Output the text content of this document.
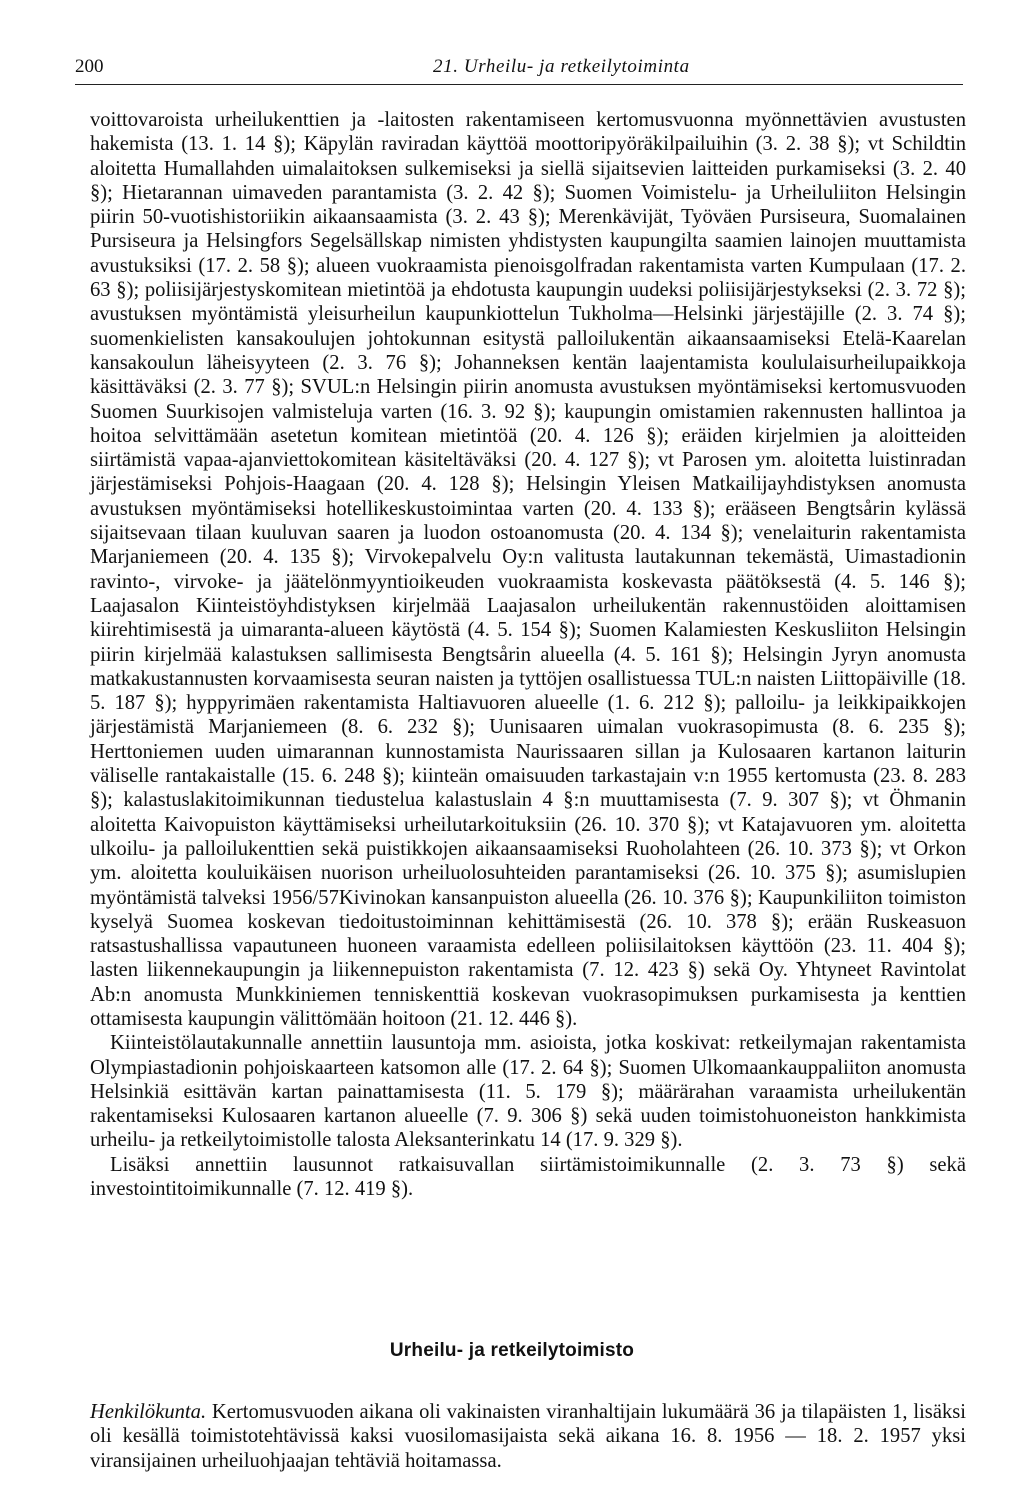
200	21. Urheilu- ja retkeilytoiminta

voittovaroista urheilukenttien ja -laitosten rakentamiseen kertomusvuonna myönnettävien avustusten hakemista (13. 1. 14 §); Käpylän raviradan käyttöä moottoripyöräkilpailuihin (3. 2. 38 §); vt Schildtin aloitetta Humallahden uimalaitoksen sulkemiseksi ja siellä sijaitsevien laitteiden purkamiseksi (3. 2. 40 §); Hietarannan uimaveden parantamista (3. 2. 42 §); Suomen Voimistelu- ja Urheiluliiton Helsingin piirin 50-vuotishistoriikin aikaansaamista (3. 2. 43 §); Merenkävijät, Työväen Pursiseura, Suomalainen Pursiseura ja Helsingfors Segelsällskap nimisten yhdistysten kaupungilta saamien lainojen muuttamista avustuksiksi (17. 2. 58 §); alueen vuokraamista pienoisgolfradan rakentamista varten Kumpulaan (17. 2. 63 §); poliisijärjestyskomitean mietintöä ja ehdotusta kaupungin uudeksi poliisijärjestykseksi (2. 3. 72 §); avustuksen myöntämistä yleisurheilun kaupunkiottelun Tukholma—Helsinki järjestäjille (2. 3. 74 §); suomenkielisten kansakoulujen johtokunnan esitystä palloilukentän aikaansaamiseksi Etelä-Kaarelan kansakoulun läheisyyteen (2. 3. 76 §); Johanneksen kentän laajentamista koululaisurheilupaikkoja käsittäväksi (2. 3. 77 §); SVUL:n Helsingin piirin anomusta avustuksen myöntämiseksi kertomusvuoden Suomen Suurkisojen valmisteluja varten (16. 3. 92 §); kaupungin omistamien rakennusten hallintoa ja hoitoa selvittämään asetetun komitean mietintöä (20. 4. 126 §); eräiden kirjelmien ja aloitteiden siirtämistä vapaa-ajanviettokomitean käsiteltäväksi (20. 4. 127 §); vt Parosen ym. aloitetta luistinradan järjestämiseksi Pohjois-Haagaan (20. 4. 128 §); Helsingin Yleisen Matkailijayhdistyksen anomusta avustuksen myöntämiseksi hotellikeskustoimintaa varten (20. 4. 133 §); erääseen Bengtsårin kylässä sijaitsevaan tilaan kuuluvan saaren ja luodon ostoanomusta (20. 4. 134 §); venelaiturin rakentamista Marjaniemeen (20. 4. 135 §); Virvokepalvelu Oy:n valitusta lautakunnan tekemästä, Uimastadionin ravinto-, virvoke- ja jäätelönmyyntioikeuden vuokraamista koskevasta päätöksestä (4. 5. 146 §); Laajasalon Kiinteistöyhdistyksen kirjelmää Laajasalon urheilukentän rakennustöiden aloittamisen kiirehtimisestä ja uimaranta-alueen käytöstä (4. 5. 154 §); Suomen Kalamiesten Keskusliiton Helsingin piirin kirjelmää kalastuksen sallimisesta Bengtsårin alueella (4. 5. 161 §); Helsingin Jyryn anomusta matkakustannusten korvaamisesta seuran naisten ja tyttöjen osallistuessa TUL:n naisten Liittopäiville (18. 5. 187 §); hyppyrimäen rakentamista Haltiavuoren alueelle (1. 6. 212 §); palloilu- ja leikkipaikkojen järjestämistä Marjaniemeen (8. 6. 232 §); Uunisaaren uimalan vuokrasopimusta (8. 6. 235 §); Herttoniemen uuden uimarannan kunnostamista Naurissaaren sillan ja Kulosaaren kartanon laiturin väliselle rantakaistalle (15. 6. 248 §); kiinteän omaisuuden tarkastajain v:n 1955 kertomusta (23. 8. 283 §); kalastuslakitoimikunnan tiedustelua kalastuslain 4 §:n muuttamisesta (7. 9. 307 §); vt Öhmanin aloitetta Kaivopuiston käyttämiseksi urheilutarkoituksiin (26. 10. 370 §); vt Katajavuoren ym. aloitetta ulkoilu- ja palloilukenttien sekä puistikkojen aikaansaamiseksi Ruoholahteen (26. 10. 373 §); vt Orkon ym. aloitetta kouluikäisen nuorison urheiluolosuhteiden parantamiseksi (26. 10. 375 §); asumislupien myöntämistä talveksi 1956/57Kivinokan kansanpuiston alueella (26. 10. 376 §); Kaupunkiliiton toimiston kyselyä Suomea koskevan tiedoitustoiminnan kehittämisestä (26. 10. 378 §); erään Ruskeasuon ratsastushallissa vapautuneen huoneen varaamista edelleen poliisilaitoksen käyttöön (23. 11. 404 §); lasten liikennekaupungin ja liikennepuiston rakentamista (7. 12. 423 §) sekä Oy. Yhtyneet Ravintolat Ab:n anomusta Munkkiniemen tenniskenttiä koskevan vuokrasopimuksen purkamisesta ja kenttien ottamisesta kaupungin välittömään hoitoon (21. 12. 446 §).

Kiinteistölautakunnalle annettiin lausuntoja mm. asioista, jotka koskivat: retkeilymajan rakentamista Olympiastadionin pohjoiskaarteen katsomon alle (17. 2. 64 §); Suomen Ulkomaankauppaliiton anomusta Helsinkiä esittävän kartan painattamisesta (11. 5. 179 §); määrärahan varaamista urheilukentän rakentamiseksi Kulosaaren kartanon alueelle (7. 9. 306 §) sekä uuden toimistohuoneiston hankkimista urheilu- ja retkeilytoimistolle talosta Aleksanterinkatu 14 (17. 9. 329 §).

Lisäksi annettiin lausunnot ratkaisuvallan siirtämistoimikunnalle (2. 3. 73 §) sekä investointitoimikunnalle (7. 12. 419 §).

Urheilu- ja retkeilytoimisto

Henkilökunta. Kertomusvuoden aikana oli vakinaisten viranhaltijain lukumäärä 36 ja tilapäisten 1, lisäksi oli kesällä toimistotehtävissä kaksi vuosilomasijaista sekä aikana 16. 8. 1956 — 18. 2. 1957 yksi viransijainen urheiluohjaajan tehtäviä hoitamassa.
